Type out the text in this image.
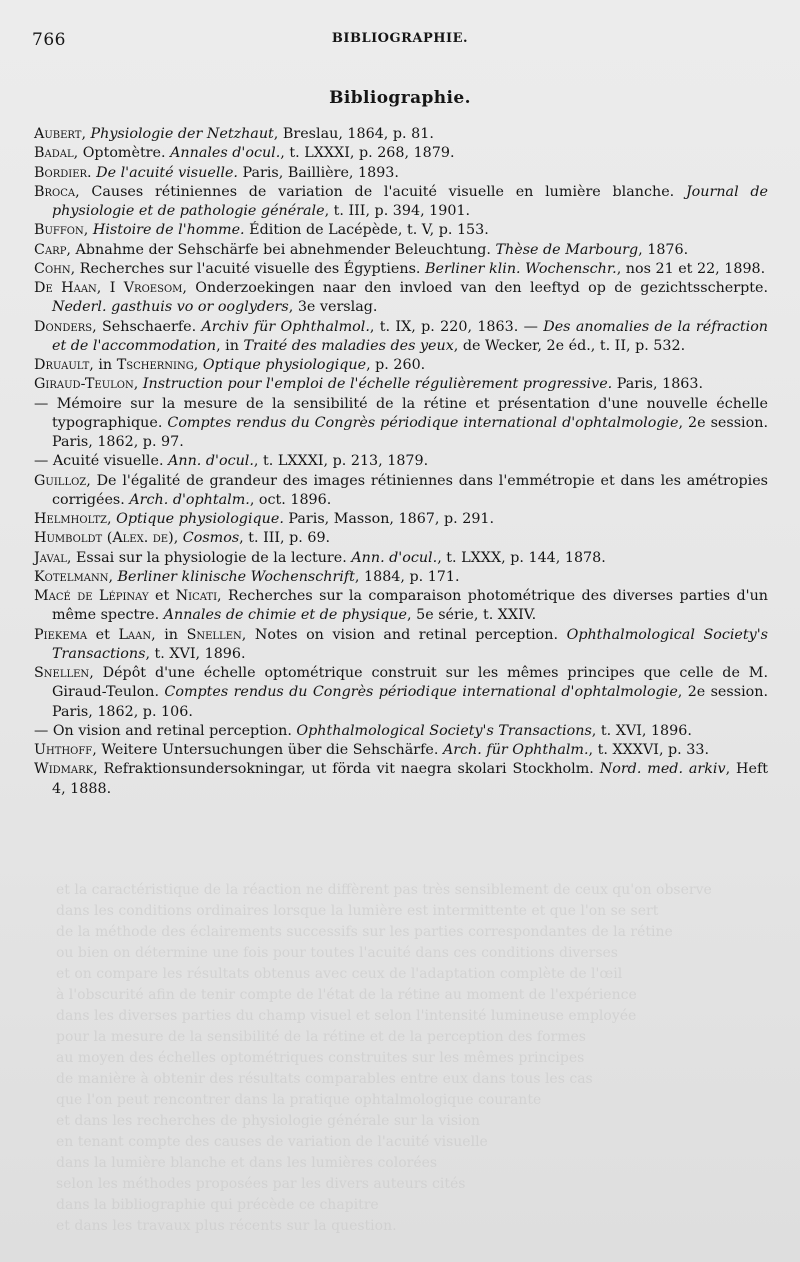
766	BIBLIOGRAPHIE.
Bibliographie.

Aubert, Physiologie der Netzhaut, Breslau, 1864, p. 81.

Badal, Optomètre. Annales d'ocul., t. LXXXI, p. 268, 1879.

Bordier. De l'acuité visuelle. Paris, Baillière, 1893.

Broca, Causes rétiniennes de variation de l'acuité visuelle en lumière blanche. Journal de physiologie et de pathologie générale, t. III, p. 394, 1901.

Buffon, Histoire de l'homme. Édition de Lacépède, t. V, p. 153.

Carp, Abnahme der Sehschärfe bei abnehmender Beleuchtung. Thèse de Marbourg, 1876.

Cohn, Recherches sur l'acuité visuelle des Égyptiens. Berliner klin. Wochenschr., nos 21 et 22, 1898.

De Haan, I Vroesom, Onderzoekingen naar den invloed van den leeftyd op de gezichtsscherpte. Nederl. gasthuis vo or ooglyders, 3e verslag.

Donders, Sehschaerfe. Archiv für Ophthalmol., t. IX, p. 220, 1863. — Des anomalies de la réfraction et de l'accommodation, in Traité des maladies des yeux, de Wecker, 2e éd., t. II, p. 532.

Druault, in Tscherning, Optique physiologique, p. 260.

Giraud-Teulon, Instruction pour l'emploi de l'échelle régulièrement progressive. Paris, 1863.

— Mémoire sur la mesure de la sensibilité de la rétine et présentation d'une nouvelle échelle typographique. Comptes rendus du Congrès périodique international d'ophtalmologie, 2e session. Paris, 1862, p. 97.

— Acuité visuelle. Ann. d'ocul., t. LXXXI, p. 213, 1879.

Guilloz, De l'égalité de grandeur des images rétiniennes dans l'emmétropie et dans les amétropies corrigées. Arch. d'ophtalm., oct. 1896.

Helmholtz, Optique physiologique. Paris, Masson, 1867, p. 291.

Humboldt (Alex. de), Cosmos, t. III, p. 69.

Javal, Essai sur la physiologie de la lecture. Ann. d'ocul., t. LXXX, p. 144, 1878.

Kotelmann, Berliner klinische Wochenschrift, 1884, p. 171.

Macé de Lépinay et Nicati, Recherches sur la comparaison photométrique des diverses parties d'un même spectre. Annales de chimie et de physique, 5e série, t. XXIV.

Piekema et Laan, in Snellen, Notes on vision and retinal perception. Ophthalmological Society's Transactions, t. XVI, 1896.

Snellen, Dépôt d'une échelle optométrique construit sur les mêmes principes que celle de M. Giraud-Teulon. Comptes rendus du Congrès périodique international d'ophtalmologie, 2e session. Paris, 1862, p. 106.

— On vision and retinal perception. Ophthalmological Society's Transactions, t. XVI, 1896.

Uhthoff, Weitere Untersuchungen über die Sehschärfe. Arch. für Ophthalm., t. XXXVI, p. 33.

Widmark, Refraktionsundersokningar, ut förda vit naegra skolari Stockholm. Nord. med. arkiv, Heft 4, 1888.

et la caractéristique de la réaction ne diffèrent pas très sensiblement de ceux qu'on observe

dans les conditions ordinaires lorsque la lumière est intermittente et que l'on se sert

de la méthode des éclairements successifs sur les parties correspondantes de la rétine

ou bien on détermine une fois pour toutes l'acuité dans ces conditions diverses

et on compare les résultats obtenus avec ceux de l'adaptation complète de l'œil

à l'obscurité afin de tenir compte de l'état de la rétine au moment de l'expérience

dans les diverses parties du champ visuel et selon l'intensité lumineuse employée

pour la mesure de la sensibilité de la rétine et de la perception des formes

au moyen des échelles optométriques construites sur les mêmes principes

de manière à obtenir des résultats comparables entre eux dans tous les cas

que l'on peut rencontrer dans la pratique ophtalmologique courante

et dans les recherches de physiologie générale sur la vision

en tenant compte des causes de variation de l'acuité visuelle

dans la lumière blanche et dans les lumières colorées

selon les méthodes proposées par les divers auteurs cités

dans la bibliographie qui précède ce chapitre

et dans les travaux plus récents sur la question.
